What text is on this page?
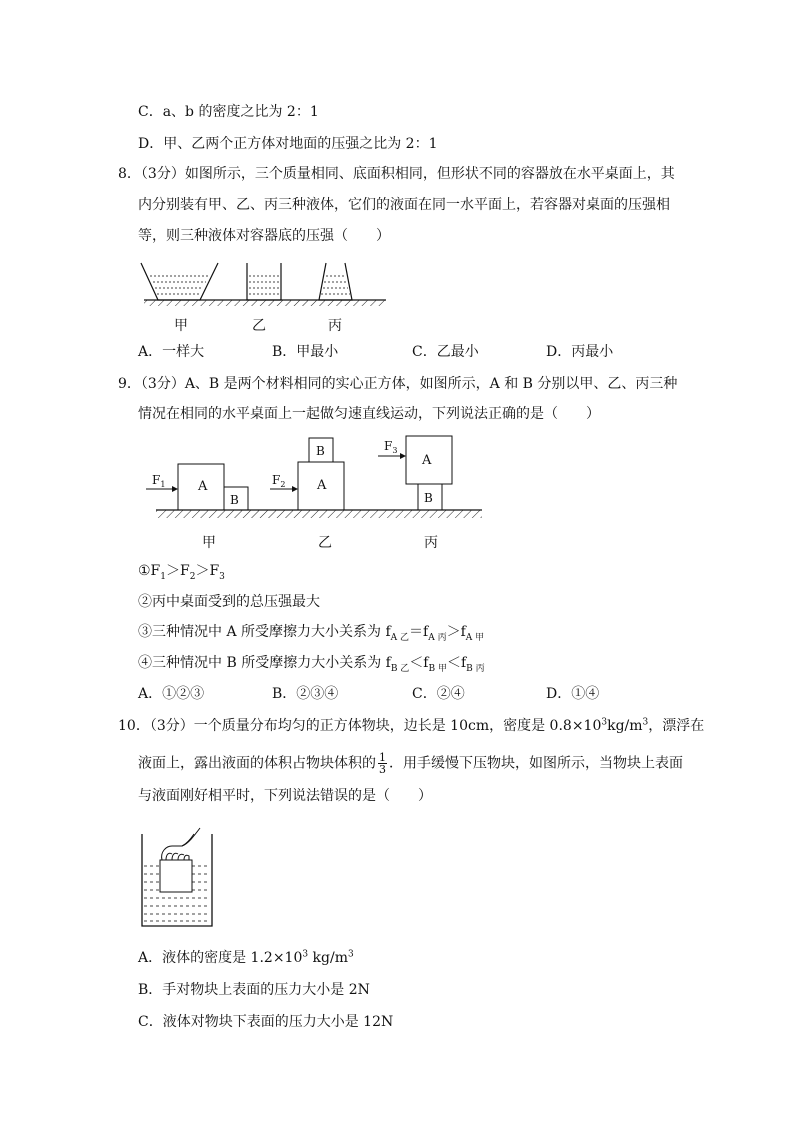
C．a、b 的密度之比为 2：1
D．甲、乙两个正方体对地面的压强之比为 2：1
8．（3分）如图所示，三个质量相同、底面积相同，但形状不同的容器放在水平桌面上，其
内分别装有甲、乙、丙三种液体，它们的液面在同一水平面上，若容器对桌面的压强相
等，则三种液体对容器底的压强（　　）
甲	乙	丙
A．一样大	B．甲最小	C．乙最小	D．丙最小
9．（3分）A、B 是两个材料相同的实心正方体，如图所示，A 和 B 分别以甲、乙、丙三种
情况在相同的水平桌面上一起做匀速直线运动，下列说法正确的是（　　）
A
B
$F_1$	A
B
$F_2$
A
B
$F_3$
甲	乙	丙
$①F_1>F_2>F_3$
②丙中桌面受到的总压强最大
③三种情况中 A 所受摩擦力大小关系为 $f_{A 乙}=f_{A 丙}>f_{A 甲}$
④三种情况中 B 所受摩擦力大小关系为 $f_{B 乙}<f_{B 甲}<f_{B 丙}$
A．①②③	B．②③④	C．②④	D．①④
10．（3分）一个质量分布均匀的正方体物块，边长是 10cm，密度是 $0.8\times 10^3kg/m^3$，漂浮在
液面上，露出液面的体积占物块体积的 $\frac{1}{3}$ ．用手缓慢下压物块，如图所示，当物块上表面
与液面刚好相平时，下列说法错误的是（　　）
A．液体的密度是 $1.2\times 10^3$ $kg/m^3$
B．手对物块上表面的压力大小是 2N
C．液体对物块下表面的压力大小是 12N
